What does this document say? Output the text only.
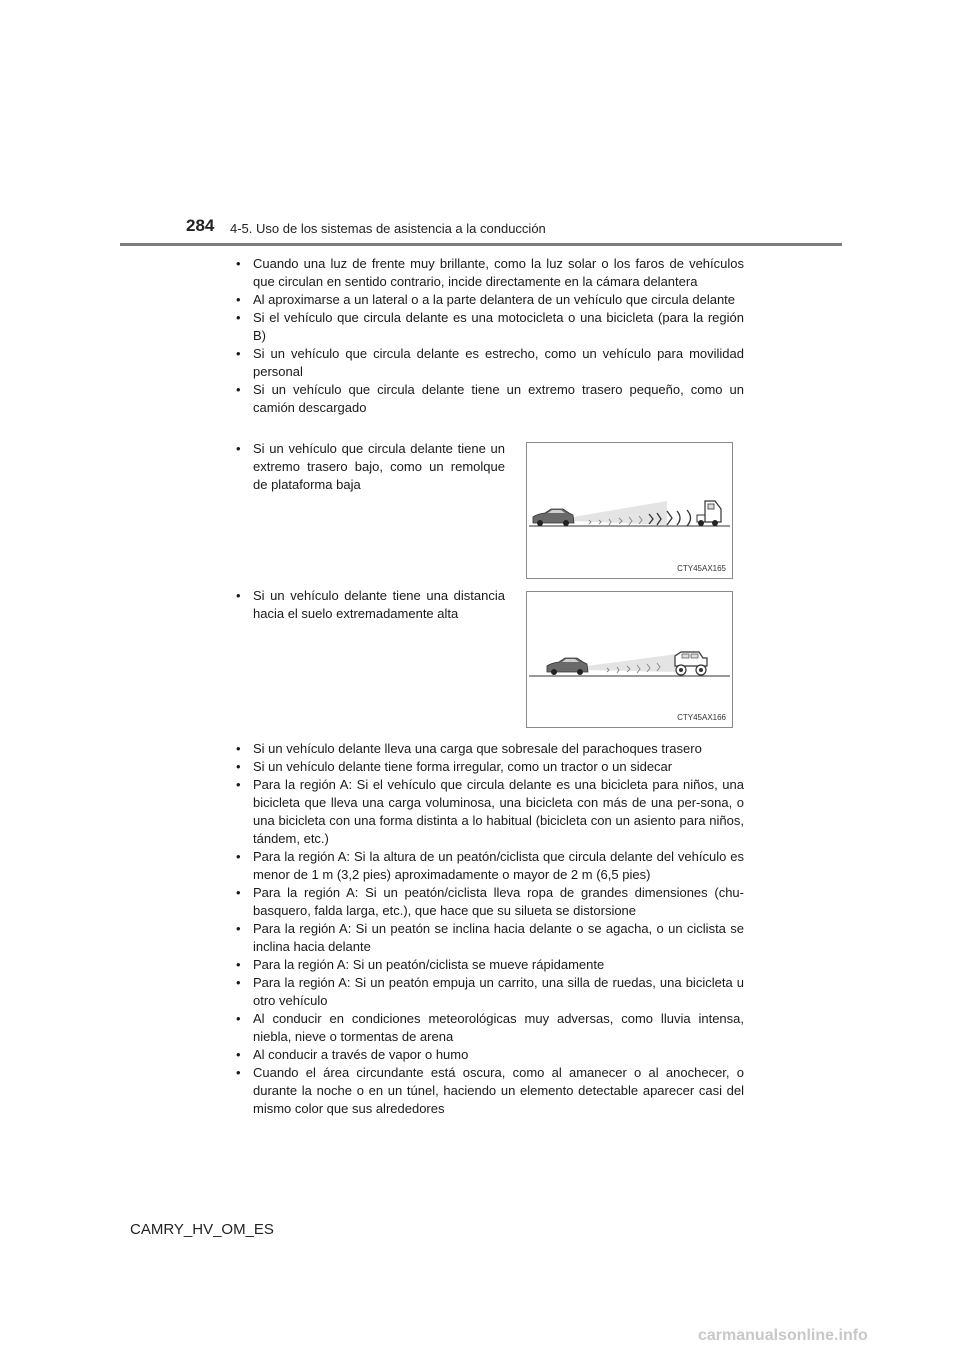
284 4-5. Uso de los sistemas de asistencia a la conducción
• Cuando una luz de frente muy brillante, como la luz solar o los faros de vehículos que circulan en sentido contrario, incide directamente en la cámara delantera
• Al aproximarse a un lateral o a la parte delantera de un vehículo que circula delante
• Si el vehículo que circula delante es una motocicleta o una bicicleta (para la región B)
• Si un vehículo que circula delante es estrecho, como un vehículo para movilidad personal
• Si un vehículo que circula delante tiene un extremo trasero pequeño, como un camión descargado
• Si un vehículo que circula delante tiene un extremo trasero bajo, como un remolque de plataforma baja
CTY45AX165
• Si un vehículo delante tiene una distancia hacia el suelo extremadamente alta
CTY45AX166
• Si un vehículo delante lleva una carga que sobresale del parachoques trasero
• Si un vehículo delante tiene forma irregular, como un tractor o un sidecar
• Para la región A: Si el vehículo que circula delante es una bicicleta para niños, una bicicleta que lleva una carga voluminosa, una bicicleta con más de una per-sona, o una bicicleta con una forma distinta a lo habitual (bicicleta con un asiento para niños, tándem, etc.)
• Para la región A: Si la altura de un peatón/ciclista que circula delante del vehículo es menor de 1 m (3,2 pies) aproximadamente o mayor de 2 m (6,5 pies)
• Para la región A: Si un peatón/ciclista lleva ropa de grandes dimensiones (chu-basquero, falda larga, etc.), que hace que su silueta se distorsione
• Para la región A: Si un peatón se inclina hacia delante o se agacha, o un ciclista se inclina hacia delante
• Para la región A: Si un peatón/ciclista se mueve rápidamente
• Para la región A: Si un peatón empuja un carrito, una silla de ruedas, una bicicleta u otro vehículo
• Al conducir en condiciones meteorológicas muy adversas, como lluvia intensa, niebla, nieve o tormentas de arena
• Al conducir a través de vapor o humo
• Cuando el área circundante está oscura, como al amanecer o al anochecer, o durante la noche o en un túnel, haciendo un elemento detectable aparecer casi del mismo color que sus alrededores
CAMRY_HV_OM_ES
carmanualsonline.info
